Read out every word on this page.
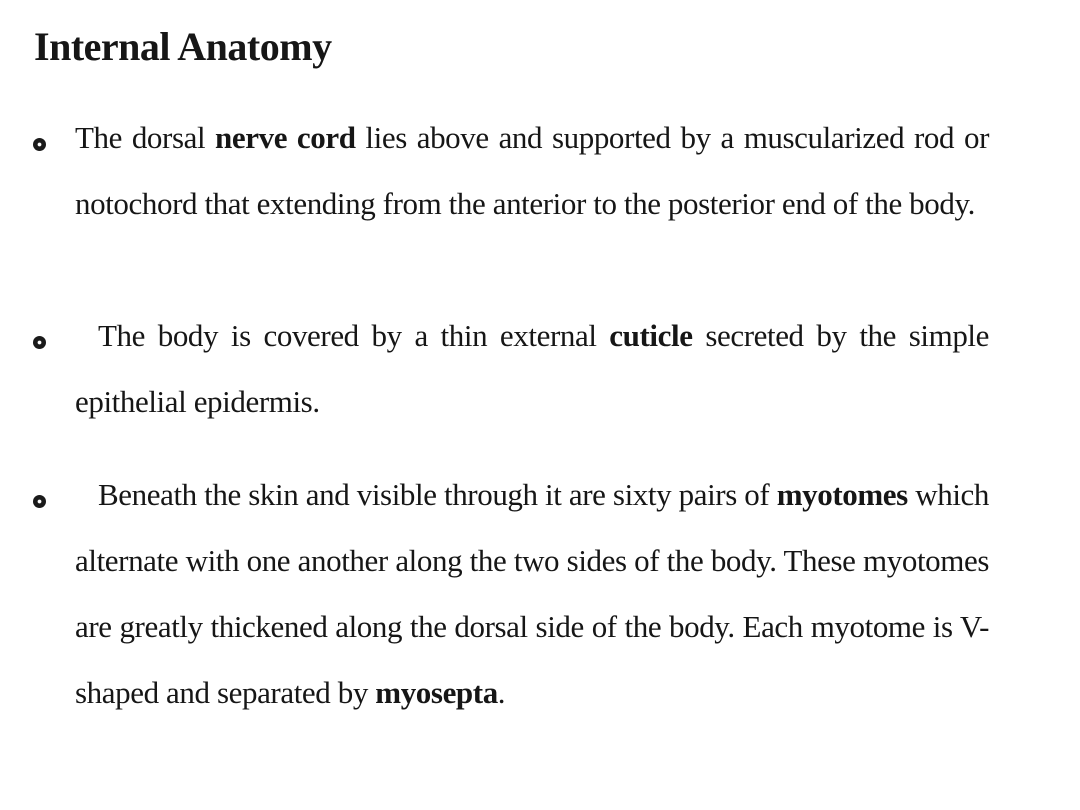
Internal Anatomy

The dorsal nerve cord lies above and supported by a muscularized rod or notochord that extending from the anterior to the posterior end of the body.

The body is covered by a thin external cuticle secreted by the simple epithelial epidermis.

Beneath the skin and visible through it are sixty pairs of myotomes which alternate with one another along the two sides of the body. These myotomes are greatly thickened along the dorsal side of the body. Each myotome is V-shaped and separated by myosepta.
